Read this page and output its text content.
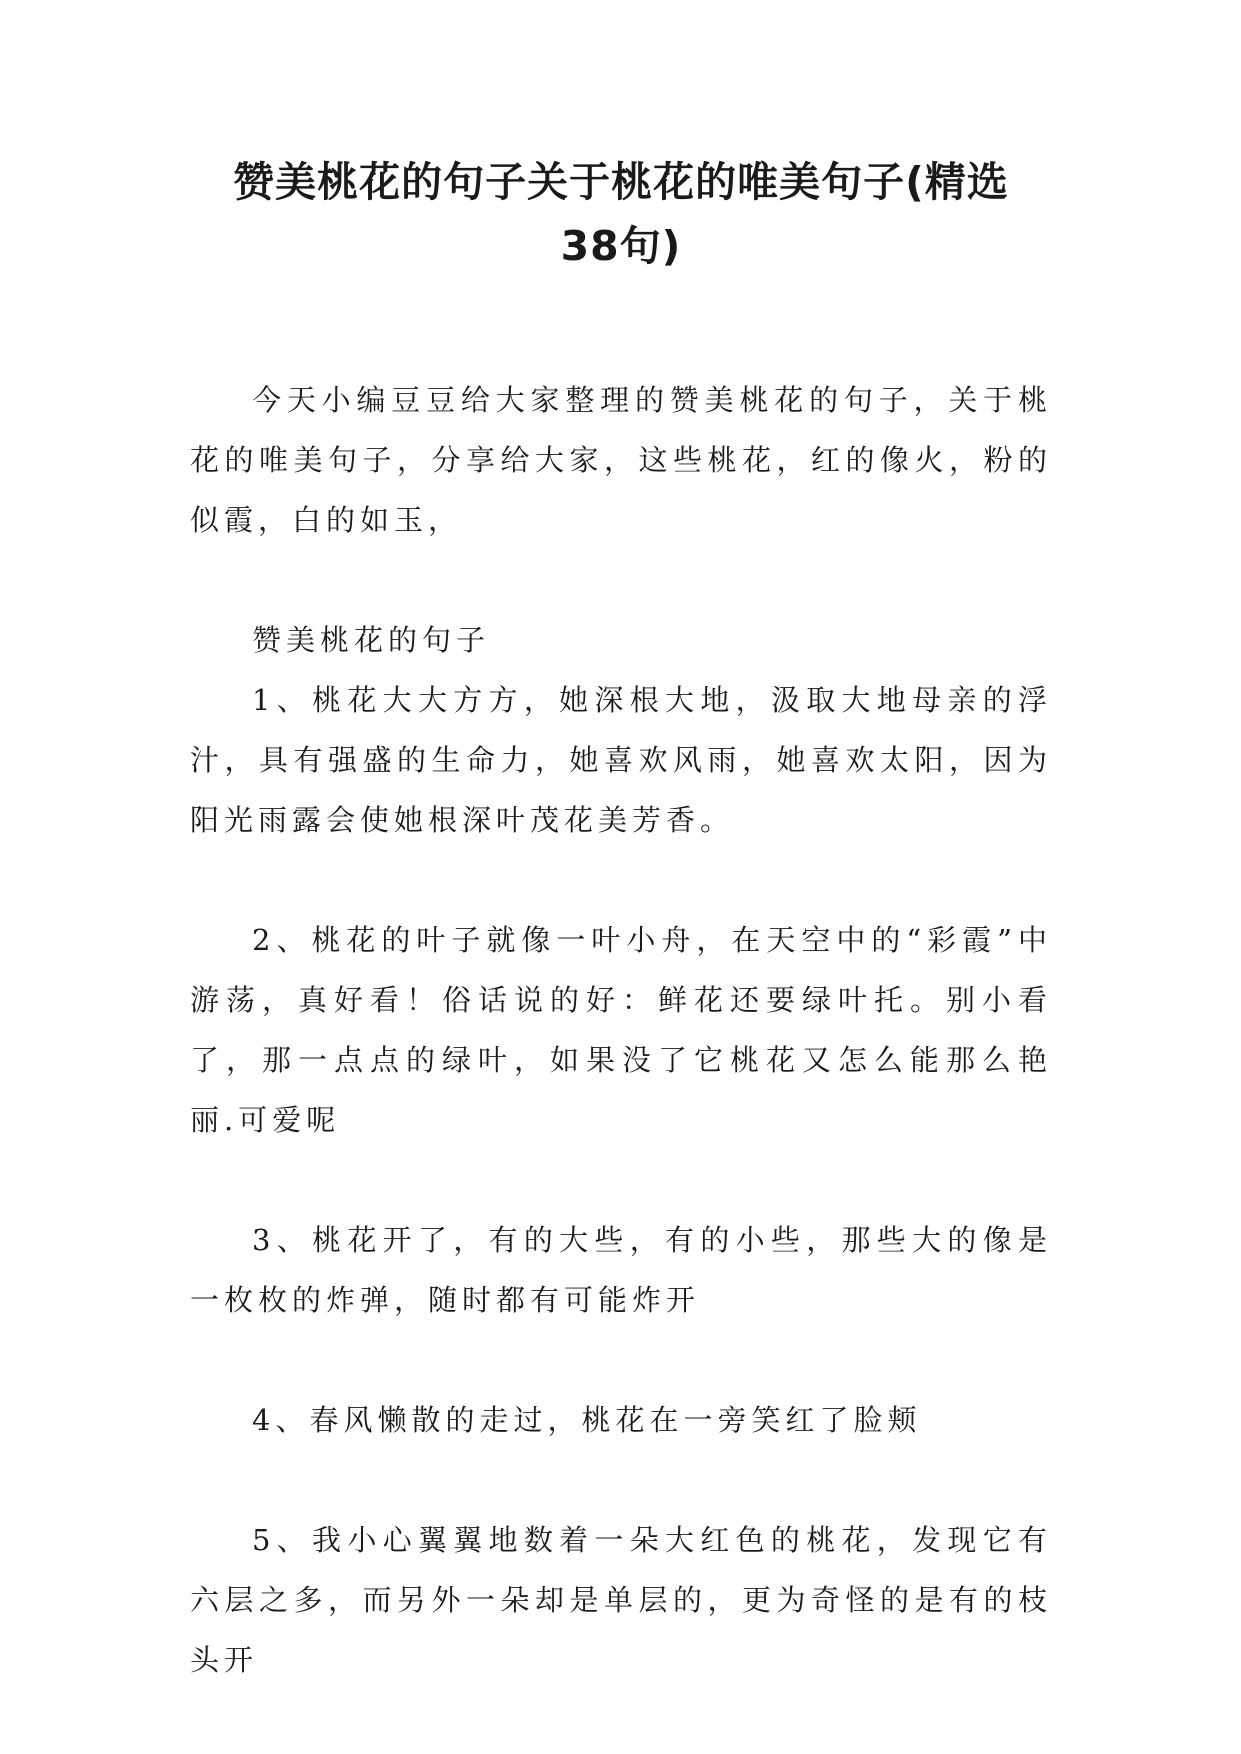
赞美桃花的句子关于桃花的唯美句子(精选
38句)

今天小编豆豆给大家整理的赞美桃花的句子，关于桃花的唯美句子，分享给大家，这些桃花，红的像火，粉的似霞，白的如玉，

赞美桃花的句子

1、桃花大大方方，她深根大地，汲取大地母亲的浮汁，具有强盛的生命力，她喜欢风雨，她喜欢太阳，因为阳光雨露会使她根深叶茂花美芳香。

2、桃花的叶子就像一叶小舟，在天空中的“彩霞”中游荡，真好看！俗话说的好：鲜花还要绿叶托。别小看了，那一点点的绿叶，如果没了它桃花又怎么能那么艳丽.可爱呢

3、桃花开了，有的大些，有的小些，那些大的像是一枚枚的炸弹，随时都有可能炸开

4、春风懒散的走过，桃花在一旁笑红了脸颊

5、我小心翼翼地数着一朵大红色的桃花，发现它有六层之多，而另外一朵却是单层的，更为奇怪的是有的枝头开
